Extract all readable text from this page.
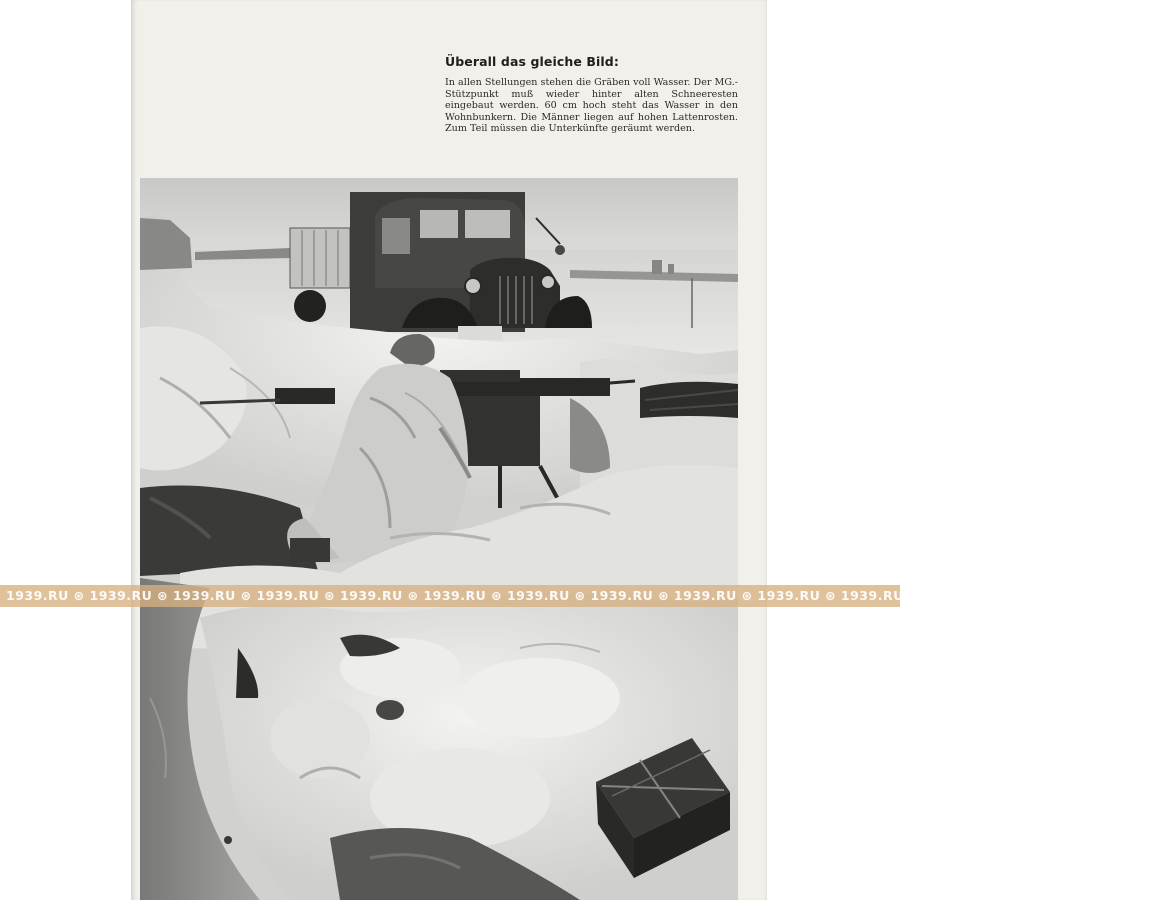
Überall das gleiche Bild:

In allen Stellungen stehen die Gräben voll Wasser. Der MG.-Stützpunkt muß wieder hinter alten Schneeresten eingebaut werden. 60 cm hoch steht das Wasser in den Wohnbunkern. Die Männer liegen auf hohen Lattenrosten. Zum Teil müssen die Unterkünfte geräumt werden.

1939.RU ⊛ 1939.RU ⊛ 1939.RU ⊛ 1939.RU ⊛ 1939.RU ⊛ 1939.RU ⊛ 1939.RU ⊛ 1939.RU ⊛ 1939.RU ⊛ 1939.RU ⊛ 1939.RU ⊛ 1939.RU ⊛ 1939.RU ⊛ 1939.RU ⊛
